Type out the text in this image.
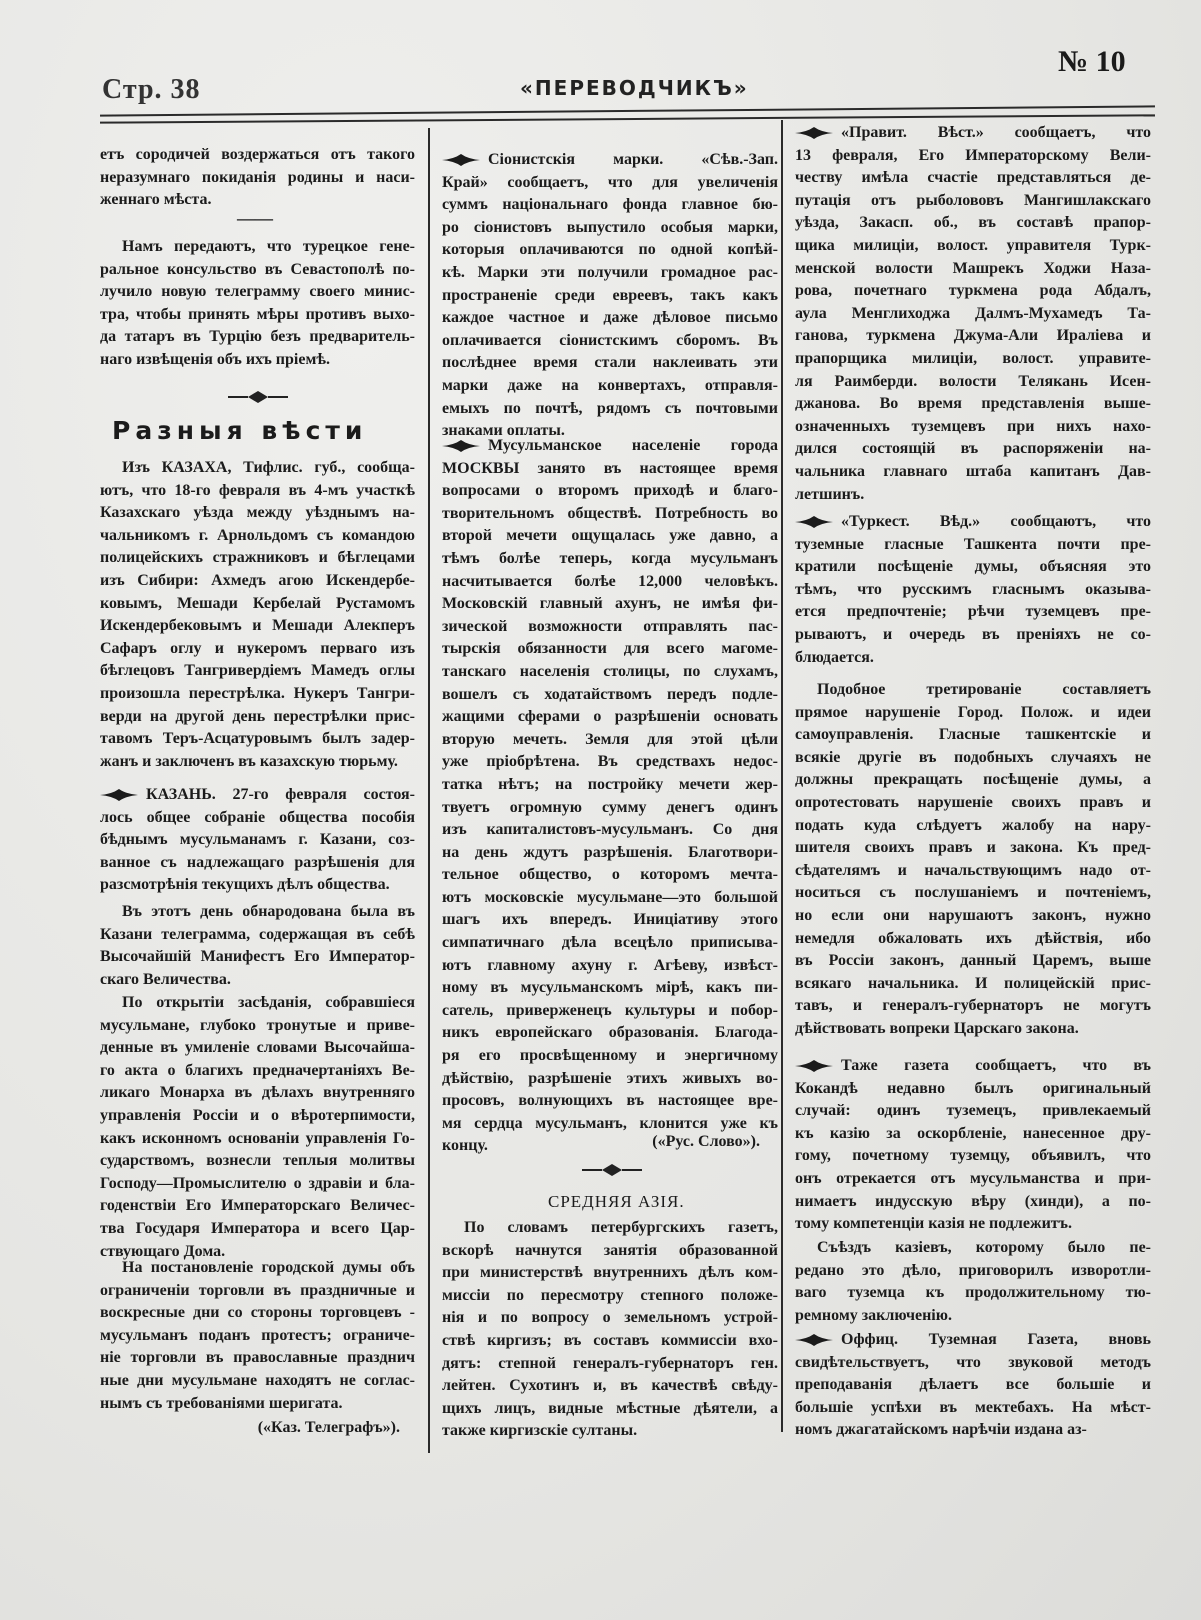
Стр. 38	«ПЕРЕВОДЧИКЪ»
№ 10
етъ сородичей воздержаться отъ такого
неразумнаго покиданія родины и наси-
женнаго мѣста.
——
Намъ передаютъ, что турецкое гене-
ральное консульство въ Севастополѣ по-
лучило новую телеграмму своего минис-
тра, чтобы принять мѣры противъ выхо-
да татаръ въ Турцію безъ предваритель-
наго извѣщенія объ ихъ пріемѣ.
Разныя вѣсти
Изъ КАЗАХА, Тифлис. губ., сообща-
ютъ, что 18-го февраля въ 4-мъ участкѣ
Казахскаго уѣзда между уѣзднымъ на-
чальникомъ г. Арнольдомъ съ командою
полицейскихъ стражниковъ и бѣглецами
изъ Сибири: Ахмедъ агою Искендербе-
ковымъ, Мешади Кербелай Рустамомъ
Искендербековымъ и Мешади Алекперъ
Сафаръ оглу и нукеромъ перваго изъ
бѣглецовъ Тангривердіемъ Мамедъ оглы
произошла перестрѣлка. Нукеръ Тангри-
верди на другой день перестрѣлки прис-
тавомъ Теръ-Асцатуровымъ былъ задер-
жанъ и заключенъ въ казахскую тюрьму.
КАЗАНЬ. 27-го февраля состоя-
лось общее собраніе общества пособія
бѣднымъ мусульманамъ г. Казани, соз-
ванное съ надлежащаго разрѣшенія для
разсмотрѣнія текущихъ дѣлъ общества.
Въ этотъ день обнародована была въ
Казани телеграмма, содержащая въ себѣ
Высочайшій Манифестъ Его Император-
скаго Величества.
По открытіи засѣданія, собравшіеся
мусульмане, глубоко тронутые и приве-
денные въ умиленіе словами Высочайша-
го акта о благихъ предначертаніяхъ Ве-
ликаго Монарха въ дѣлахъ внутренняго
управленія Россіи и о вѣротерпимости,
какъ исконномъ основаніи управленія Го-
сударствомъ, вознесли теплыя молитвы
Господу—Промыслителю о здравіи и бла-
годенствіи Его Императорскаго Величес-
тва Государя Императора и всего Цар-
ствующаго Дома.
На постановленіе городской думы объ
ограниченіи торговли въ праздничные и
воскресные дни со стороны торговцевъ -
мусульманъ поданъ протестъ; ограниче-
ніе торговли въ православные празднич
ные дни мусульмане находятъ не соглас-
нымъ съ требованіями шеригата.
(«Каз. Телеграфъ»).
Сіонистскія марки. «Сѣв.-Зап.
Край» сообщаетъ, что для увеличенія
суммъ національнаго фонда главное бю-
ро сіонистовъ выпустило особыя марки,
которыя оплачиваются по одной копѣй-
кѣ. Марки эти получили громадное рас-
пространеніе среди евреевъ, такъ какъ
каждое частное и даже дѣловое письмо
оплачивается сіонистскимъ сборомъ. Въ
послѣднее время стали наклеивать эти
марки даже на конвертахъ, отправля-
емыхъ по почтѣ, рядомъ съ почтовыми
знаками оплаты.
Мусульманское населеніе города
МОСКВЫ занято въ настоящее время
вопросами о второмъ приходѣ и благо-
творительномъ обществѣ. Потребность во
второй мечети ощущалась уже давно, а
тѣмъ болѣе теперь, когда мусульманъ
насчитывается болѣе 12,000 человѣкъ.
Московскій главный ахунъ, не имѣя фи-
зической возможности отправлять пас-
тырскія обязанности для всего магоме-
танскаго населенія столицы, по слухамъ,
вошелъ съ ходатайствомъ передъ подле-
жащими сферами о разрѣшеніи основать
вторую мечеть. Земля для этой цѣли
уже пріобрѣтена. Въ средствахъ недос-
татка нѣтъ; на постройку мечети жер-
твуетъ огромную сумму денегъ одинъ
изъ капиталистовъ-мусульманъ. Со дня
на день ждутъ разрѣшенія. Благотвори-
тельное общество, о которомъ мечта-
ютъ московскіе мусульмане—это большой
шагъ ихъ впередъ. Иниціативу этого
симпатичнаго дѣла всецѣло приписыва-
ютъ главному ахуну г. Агѣеву, извѣст-
ному въ мусульманскомъ мірѣ, какъ пи-
сатель, приверженецъ культуры и побор-
никъ европейскаго образованія. Благода-
ря его просвѣщенному и энергичному
дѣйствію, разрѣшеніе этихъ живыхъ во-
просовъ, волнующихъ въ настоящее вре-
мя сердца мусульманъ, клонится уже къ
концу.	(«Рус. Слово»).
СРЕДНЯЯ АЗІЯ.
По словамъ петербургскихъ газетъ,
вскорѣ начнутся занятія образованной
при министерствѣ внутреннихъ дѣлъ ком-
миссіи по пересмотру степного положе-
нія и по вопросу о земельномъ устрой-
ствѣ киргизъ; въ составъ коммиссіи вхо-
дятъ: степной генералъ-губернаторъ ген.
лейтен. Сухотинъ и, въ качествѣ свѣду-
щихъ лицъ, видные мѣстные дѣятели, а
также киргизскіе султаны.
«Правит. Вѣст.» сообщаетъ, что
13 февраля, Его Императорскому Вели-
честву имѣла счастіе представляться де-
путація отъ рыболововъ Мангишлакскаго
уѣзда, Закасп. об., въ составѣ прапор-
щика милиціи, волост. управителя Турк-
менской волости Машрекъ Ходжи Наза-
рова, почетнаго туркмена рода Абдалъ,
аула Менглиходжа Далмъ-Мухамедъ Та-
ганова, туркмена Джума-Али Ираліева и
прапорщика милиціи, волост. управите-
ля Раимберди. волости Телякань Исен-
джанова. Во время представленія выше-
означенныхъ туземцевъ при нихъ нахо-
дился состоящій въ распоряженіи на-
чальника главнаго штаба капитанъ Дав-
летшинъ.
«Туркест. Вѣд.» сообщаютъ, что
туземные гласные Ташкента почти пре-
кратили посѣщеніе думы, объясняя это
тѣмъ, что русскимъ гласнымъ оказыва-
ется предпочтеніе; рѣчи туземцевъ пре-
рываютъ, и очередь въ преніяхъ не со-
блюдается.
Подобное третированіе составляетъ
прямое нарушеніе Город. Полож. и идеи
самоуправленія. Гласные ташкентскіе и
всякіе другіе въ подобныхъ случаяхъ не
должны прекращать посѣщеніе думы, а
опротестовать нарушеніе своихъ правъ и
подать куда слѣдуетъ жалобу на нару-
шителя своихъ правъ и закона. Къ пред-
сѣдателямъ и начальствующимъ надо от-
носиться съ послушаніемъ и почтеніемъ,
но если они нарушаютъ законъ, нужно
немедля обжаловать ихъ дѣйствія, ибо
въ Россіи законъ, данный Царемъ, выше
всякаго начальника. И полицейскій прис-
тавъ, и генералъ-губернаторъ не могутъ
дѣйствовать вопреки Царскаго закона.
Таже газета сообщаетъ, что въ
Кокандѣ недавно былъ оригинальный
случай: одинъ туземецъ, привлекаемый
къ казію за оскорбленіе, нанесенное дру-
гому, почетному туземцу, объявилъ, что
онъ отрекается отъ мусульманства и при-
нимаетъ индусскую вѣру (хинди), а по-
тому компетенціи казія не подлежитъ.
Съѣздъ казіевъ, которому было пе-
редано это дѣло, приговорилъ изворотли-
ваго туземца къ продолжительному тю-
ремному заключенію.
Оффиц. Туземная Газета, вновь
свидѣтельствуетъ, что звуковой методъ
преподаванія дѣлаетъ все большіе и
большіе успѣхи въ мектебахъ. На мѣст-
номъ джагатайскомъ нарѣчіи издана аз-
